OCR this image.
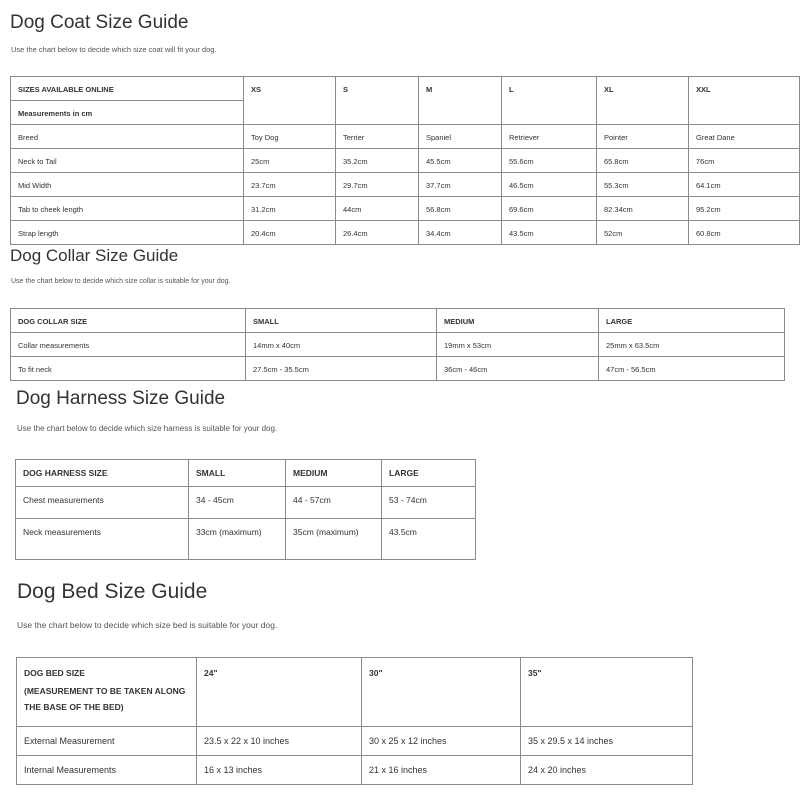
Dog Coat Size Guide
Use the chart below to decide which size coat will fit your dog.
SIZES AVAILABLE ONLINE	XS	S	M	L	XL	XXL
Measurements in cm						
Breed	Toy Dog	Terrier	Spaniel	Retriever	Pointer	Great Dane
Neck to Tail	25cm	35.2cm	45.5cm	55.6cm	65.8cm	76cm
Mid Width	23.7cm	29.7cm	37.7cm	46.5cm	55.3cm	64.1cm
Tab to cheek length	31.2cm	44cm	56.8cm	69.6cm	82.34cm	95.2cm
Strap length	20.4cm	26.4cm	34.4cm	43.5cm	52cm	60.8cm
Dog Collar Size Guide
Use the chart below to decide which size collar is suitable for your dog.
DOG COLLAR SIZE	SMALL	MEDIUM	LARGE
Collar measurements	14mm x 40cm	19mm x 53cm	25mm x 63.5cm
To fit neck	27.5cm - 35.5cm	36cm - 46cm	47cm - 56.5cm
Dog Harness Size Guide
Use the chart below to decide which size harness is suitable for your dog.
DOG HARNESS SIZE	SMALL	MEDIUM	LARGE
Chest measurements	34 - 45cm	44 - 57cm	53 - 74cm
Neck measurements	33cm (maximum)	35cm (maximum)	43.5cm
Dog Bed Size Guide
Use the chart below to decide which size bed is suitable for your dog.
DOG BED SIZE
(MEASUREMENT TO BE TAKEN ALONG THE BASE OF THE BED)	24"	30"	35"
External Measurement	23.5 x 22 x 10 inches	30 x 25 x 12 inches	35 x 29.5 x 14 inches
Internal Measurements	16 x 13 inches	21 x 16 inches	24 x 20 inches
